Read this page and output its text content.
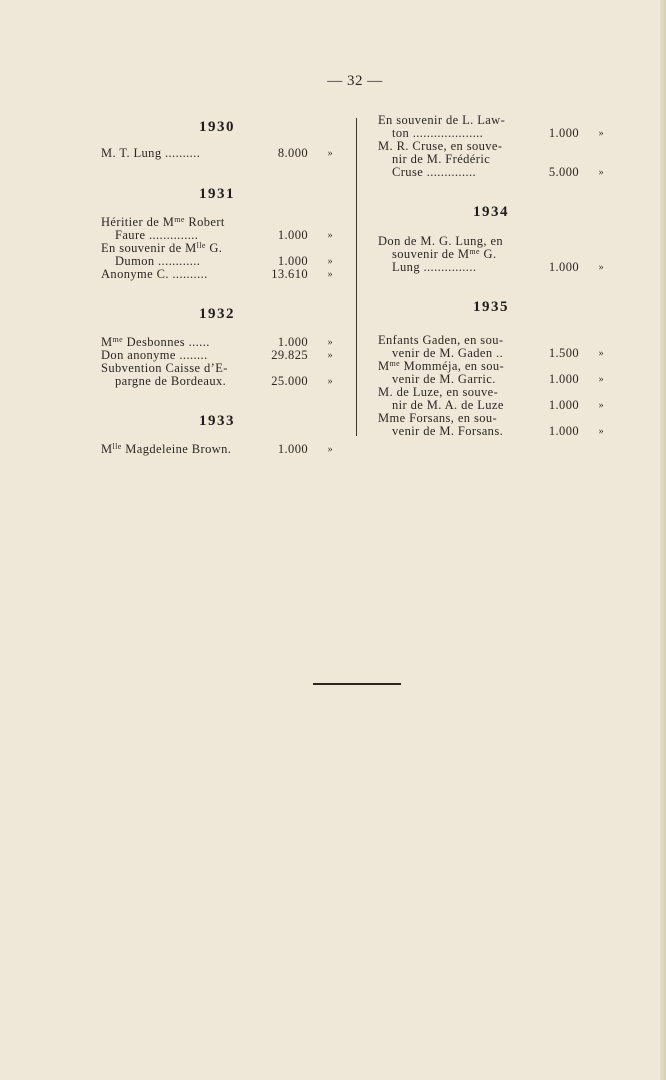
— 32 —
1930
M. T. Lung ..........	8.000	»
1931
Héritier de $M^{me}$ Robert
Faure ..............	1.000	»
En souvenir de $M^{lle}$ G.
Dumon ............	1.000	»
Anonyme C. ..........	13.610	»
1932
$M^{me}$ Desbonnes ......	1.000	»
Don anonyme ........	29.825	»
Subvention Caisse d’E-
pargne de Bordeaux.	25.000	»
1933
$M^{lle}$ Magdeleine Brown.	1.000	»
En souvenir de L. Law-
ton ....................	1.000	»
M. R. Cruse, en souve-
nir de M. Frédéric
Cruse ..............	5.000	»
1934
Don de M. G. Lung, en
souvenir de $M^{me}$ G.
Lung ...............	1.000	»
1935
Enfants Gaden, en sou-
venir de M. Gaden ..	1.500	»
$M^{me}$ Momméja, en sou-
venir de M. Garric.	1.000	»
M. de Luze, en souve-
nir de M. A. de Luze	1.000	»
Mme Forsans, en sou-
venir de M. Forsans.	1.000	»
